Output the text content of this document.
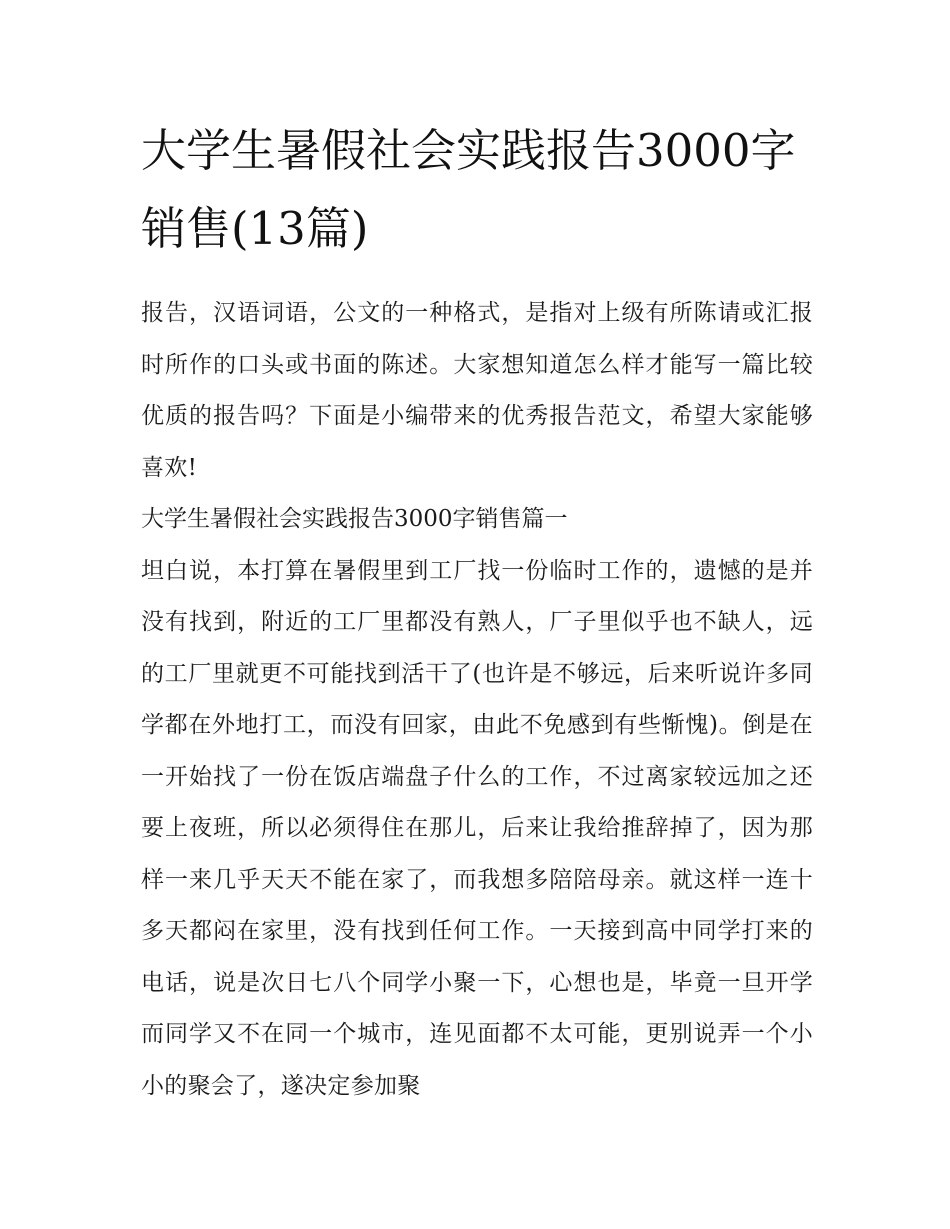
大学生暑假社会实践报告3000字销售(13篇)

报告，汉语词语，公文的一种格式，是指对上级有所陈请或汇报时所作的口头或书面的陈述。大家想知道怎么样才能写一篇比较优质的报告吗？下面是小编带来的优秀报告范文，希望大家能够喜欢!

大学生暑假社会实践报告3000字销售篇一

坦白说，本打算在暑假里到工厂找一份临时工作的，遗憾的是并没有找到，附近的工厂里都没有熟人，厂子里似乎也不缺人，远的工厂里就更不可能找到活干了(也许是不够远，后来听说许多同学都在外地打工，而没有回家，由此不免感到有些惭愧)。倒是在一开始找了一份在饭店端盘子什么的工作，不过离家较远加之还要上夜班，所以必须得住在那儿，后来让我给推辞掉了，因为那样一来几乎天天不能在家了，而我想多陪陪母亲。就这样一连十多天都闷在家里，没有找到任何工作。一天接到高中同学打来的电话，说是次日七八个同学小聚一下，心想也是，毕竟一旦开学而同学又不在同一个城市，连见面都不太可能，更别说弄一个小小的聚会了，遂决定参加聚
